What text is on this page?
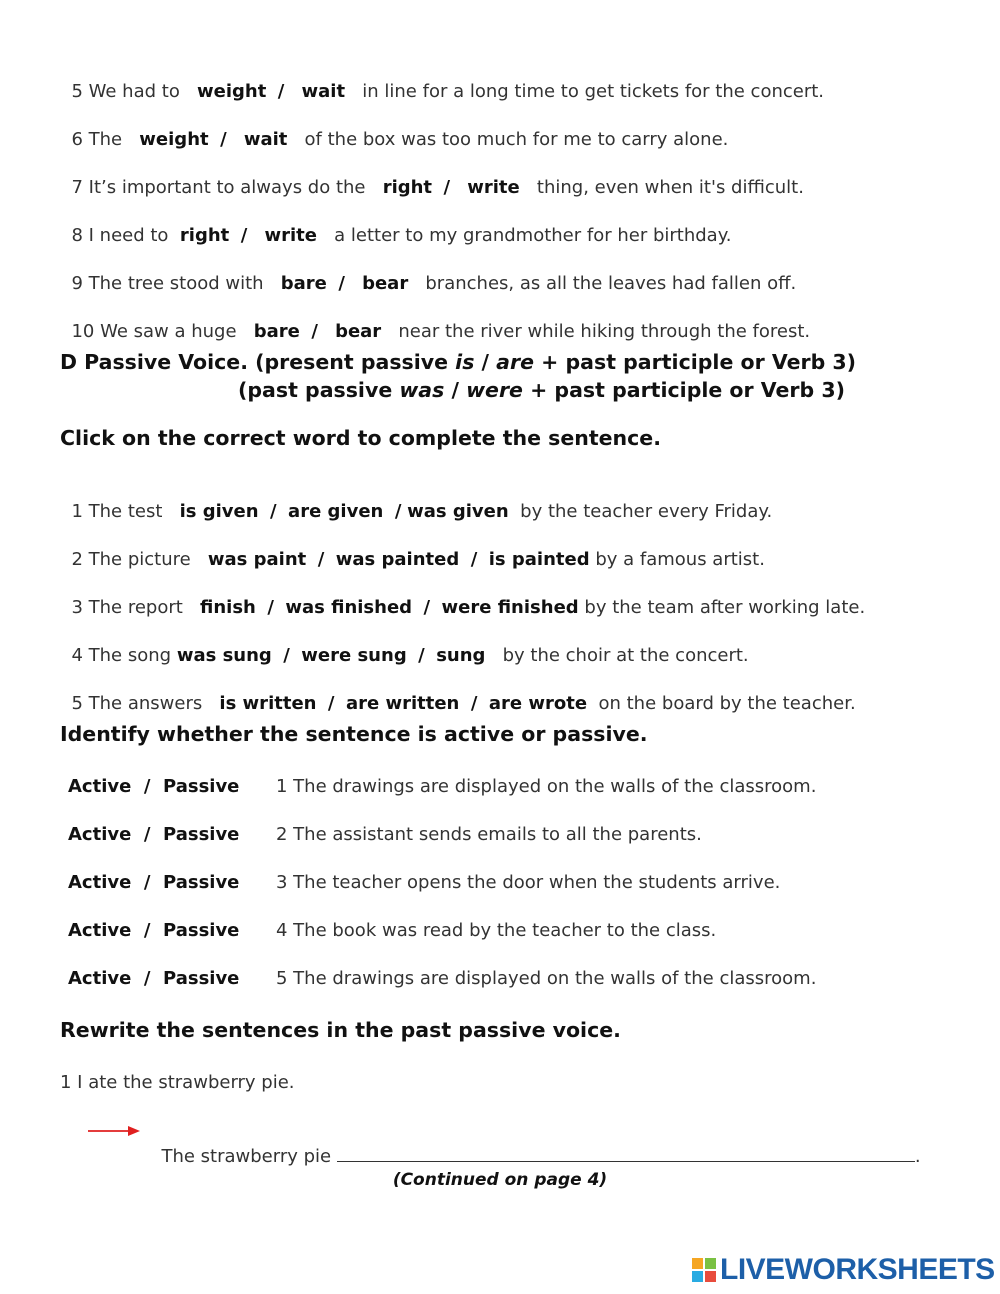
5 We had to weight / wait in line for a long time to get tickets for the concert.

6 The weight / wait of the box was too much for me to carry alone.

7 It’s important to always do the right / write thing, even when it's difficult.

8 I need to right / write a letter to my grandmother for her birthday.

9 The tree stood with bare / bear branches, as all the leaves had fallen off.

10 We saw a huge bare / bear near the river while hiking through the forest.

D Passive Voice. (present passive is / are + past participle or Verb 3)
(past passive was / were + past participle or Verb 3)
Click on the correct word to complete the sentence.

1 The test is given / are given / was given by the teacher every Friday.

2 The picture was paint / was painted / is painted by a famous artist.

3 The report finish / was finished / were finished by the team after working late.

4 The song was sung / were sung / sung by the choir at the concert.

5 The answers is written / are written / are wrote on the board by the teacher.

Identify whether the sentence is active or passive.
Active / Passive 1 The drawings are displayed on the walls of the classroom.
Active / Passive 2 The assistant sends emails to all the parents.
Active / Passive 3 The teacher opens the door when the students arrive.
Active / Passive 4 The book was read by the teacher to the class.
Active / Passive 5 The drawings are displayed on the walls of the classroom.
Rewrite the sentences in the past passive voice.
1 I ate the strawberry pie.

The strawberry pie	.

(Continued on page 4)
LIVEWORKSHEETS
